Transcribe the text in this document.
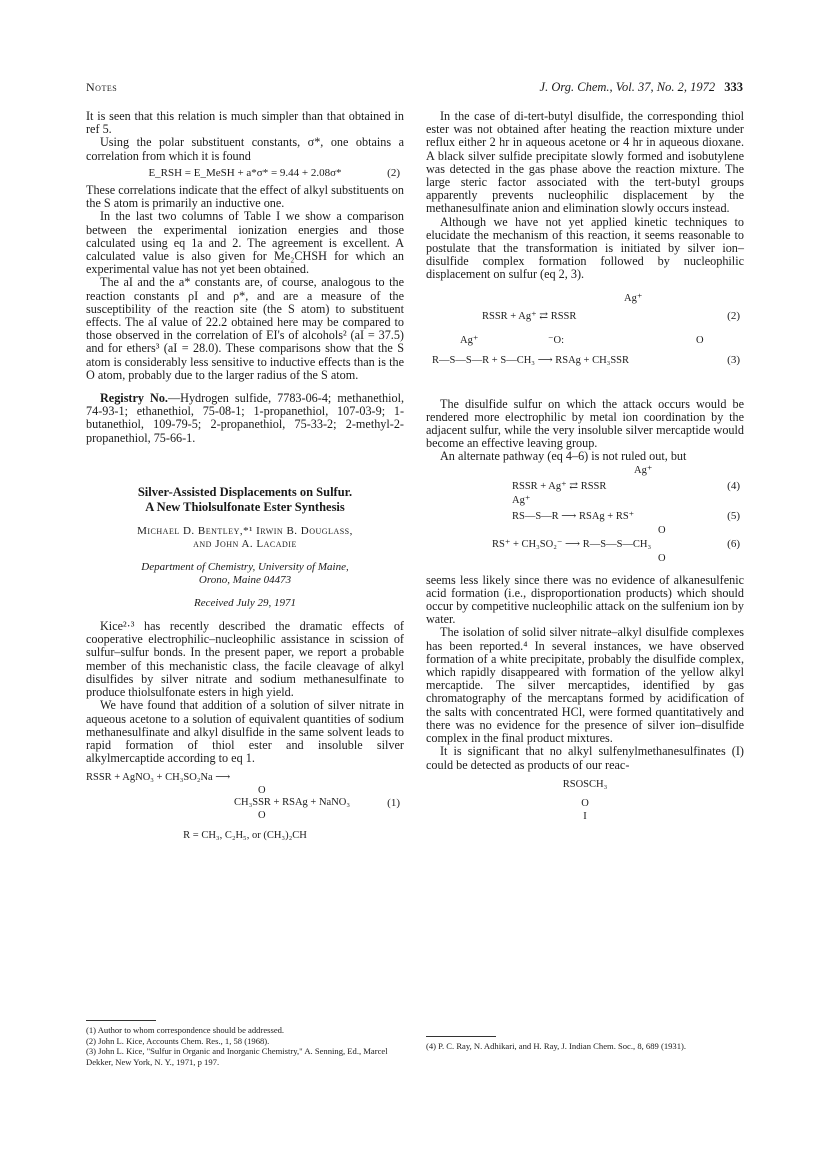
Notes	J. Org. Chem., Vol. 37, No. 2, 1972 333

It is seen that this relation is much simpler than that obtained in ref 5.

Using the polar substituent constants, σ*, one obtains a correlation from which it is found

E_RSH = E_MeSH + a*σ* = 9.44 + 2.08σ*	(2)

These correlations indicate that the effect of alkyl substituents on the S atom is primarily an inductive one.

In the last two columns of Table I we show a comparison between the experimental ionization energies and those calculated using eq 1a and 2. The agreement is excellent. A calculated value is also given for Me₂CHSH for which an experimental value has not yet been obtained.

The aI and the a* constants are, of course, analogous to the reaction constants ρI and ρ*, and are a measure of the susceptibility of the reaction site (the S atom) to substituent effects. The aI value of 22.2 obtained here may be compared to those observed in the correlation of EI's of alcohols² (aI = 37.5) and for ethers³ (aI = 28.0). These comparisons show that the S atom is considerably less sensitive to inductive effects than is the O atom, probably due to the larger radius of the S atom.

Registry No.—Hydrogen sulfide, 7783-06-4; methanethiol, 74-93-1; ethanethiol, 75-08-1; 1-propanethiol, 107-03-9; 1-butanethiol, 109-79-5; 2-propanethiol, 75-33-2; 2-methyl-2-propanethiol, 75-66-1.

Silver-Assisted Displacements on Sulfur.
A New Thiolsulfonate Ester Synthesis
Michael D. Bentley,*¹ Irwin B. Douglass,
and John A. Lacadie
Department of Chemistry, University of Maine,
Orono, Maine 04473
Received July 29, 1971

Kice²·³ has recently described the dramatic effects of cooperative electrophilic–nucleophilic assistance in scission of sulfur–sulfur bonds. In the present paper, we report a probable member of this mechanistic class, the facile cleavage of alkyl disulfides by silver nitrate and sodium methanesulfinate to produce thiolsulfonate esters in high yield.

We have found that addition of a solution of silver nitrate in aqueous acetone to a solution of equivalent quantities of sodium methanesulfinate and alkyl disulfide in the same solvent leads to rapid formation of thiol ester and insoluble silver alkylmercaptide according to eq 1.

RSSR + AgNO₃ + CH₃SO₂Na ⟶
O
CH₃SSR + RSAg + NaNO₃	(1)
O
R = CH₃, C₂H₅, or (CH₃)₂CH
(1) Author to whom correspondence should be addressed.
(2) John L. Kice, Accounts Chem. Res., 1, 58 (1968).
(3) John L. Kice, "Sulfur in Organic and Inorganic Chemistry," A. Senning, Ed., Marcel Dekker, New York, N. Y., 1971, p 197.

In the case of di-tert-butyl disulfide, the corresponding thiol ester was not obtained after heating the reaction mixture under reflux either 2 hr in aqueous acetone or 4 hr in aqueous dioxane. A black silver sulfide precipitate slowly formed and isobutylene was detected in the gas phase above the reaction mixture. The large steric factor associated with the tert-butyl groups apparently prevents nucleophilic displacement by the methanesulfinate anion and elimination slowly occurs instead.

Although we have not yet applied kinetic techniques to elucidate the mechanism of this reaction, it seems reasonable to postulate that the transformation is initiated by silver ion–disulfide complex formation followed by nucleophilic displacement on sulfur (eq 2, 3).

Ag⁺
RSSR + Ag⁺ ⇄ RSSR	(2)
Ag⁺	⁻O:	O
R—S—S—R + S—CH₃ ⟶ RSAg + CH₃SSR	(3)

The disulfide sulfur on which the attack occurs would be rendered more electrophilic by metal ion coordination by the adjacent sulfur, while the very insoluble silver mercaptide would become an effective leaving group.

An alternate pathway (eq 4–6) is not ruled out, but

Ag⁺
RSSR + Ag⁺ ⇄ RSSR	(4)
Ag⁺
RS—S—R ⟶ RSAg + RS⁺	(5)
O
RS⁺ + CH₃SO₂⁻ ⟶ R—S—S—CH₃
O
(6)

seems less likely since there was no evidence of alkanesulfenic acid formation (i.e., disproportionation products) which should occur by competitive nucleophilic attack on the sulfenium ion by water.

The isolation of solid silver nitrate–alkyl disulfide complexes has been reported.⁴ In several instances, we have observed formation of a white precipitate, probably the disulfide complex, which rapidly disappeared with formation of the yellow alkyl mercaptide. The silver mercaptides, identified by gas chromatography of the mercaptans formed by acidification of the salts with concentrated HCl, were formed quantitatively and there was no evidence for the presence of silver ion–disulfide complex in the final product mixtures.

It is significant that no alkyl sulfenylmethanesulfinates (I) could be detected as products of our reac-

RSOSCH₃
O
I
(4) P. C. Ray, N. Adhikari, and H. Ray, J. Indian Chem. Soc., 8, 689 (1931).
